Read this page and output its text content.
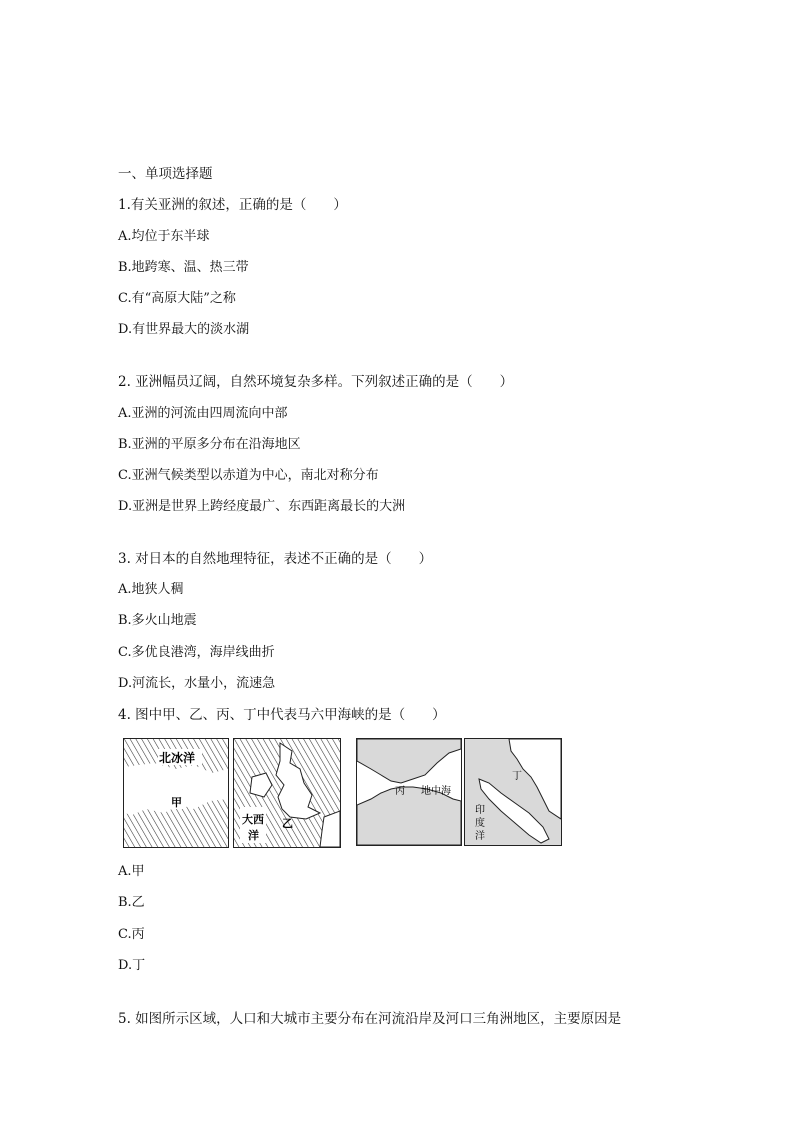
一、单项选择题
1.有关亚洲的叙述，正确的是（　　）
A.均位于东半球
B.地跨寒、温、热三带
C.有“高原大陆”之称
D.有世界最大的淡水湖
2. 亚洲幅员辽阔，自然环境复杂多样。下列叙述正确的是（　　）
A.亚洲的河流由四周流向中部
B.亚洲的平原多分布在沿海地区
C.亚洲气候类型以赤道为中心，南北对称分布
D.亚洲是世界上跨经度最广、东西距离最长的大洲
3. 对日本的自然地理特征，表述不正确的是（　　）
A.地狭人稠
B.多火山地震
C.多优良港湾，海岸线曲折
D.河流长，水量小，流速急
4. 图中甲、乙、丙、丁中代表马六甲海峡的是（　　）
北冰洋
甲
大西
洋
乙
丙 地中海
丁
印
度
洋
A.甲
B.乙
C.丙
D.丁
5. 如图所示区域，人口和大城市主要分布在河流沿岸及河口三角洲地区，主要原因是
